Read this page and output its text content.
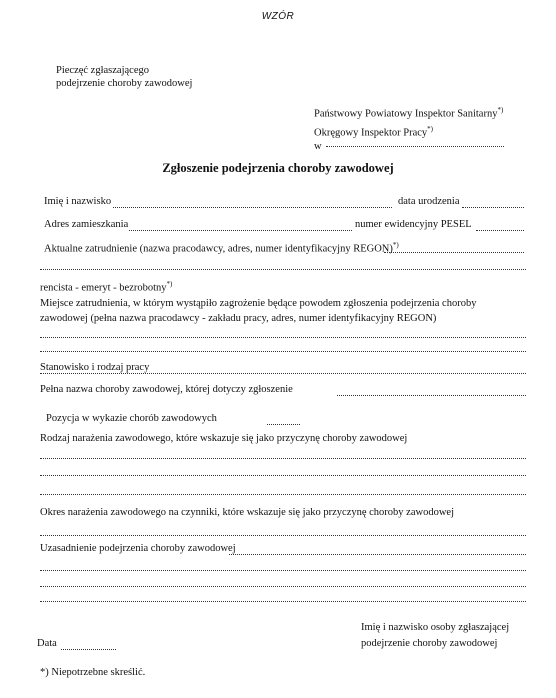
WZÓR
Pieczęć zgłaszającego
podejrzenie choroby zawodowej
Państwowy Powiatowy Inspektor Sanitarny*)
Okręgowy Inspektor Pracy*)
w
Zgłoszenie podejrzenia choroby zawodowej
Imię i nazwisko	data urodzenia
Adres zamieszkania	numer ewidencyjny PESEL
Aktualne zatrudnienie (nazwa pracodawcy, adres, numer identyfikacyjny REGON)*)
rencista - emeryt - bezrobotny*)
Miejsce zatrudnienia, w którym wystąpiło zagrożenie będące powodem zgłoszenia podejrzenia choroby
zawodowej (pełna nazwa pracodawcy - zakładu pracy, adres, numer identyfikacyjny REGON)
Stanowisko i rodzaj pracy
Pełna nazwa choroby zawodowej, której dotyczy zgłoszenie
Pozycja w wykazie chorób zawodowych
Rodzaj narażenia zawodowego, które wskazuje się jako przyczynę choroby zawodowej
Okres narażenia zawodowego na czynniki, które wskazuje się jako przyczynę choroby zawodowej
Uzasadnienie podejrzenia choroby zawodowej
Imię i nazwisko osoby zgłaszającej
podejrzenie choroby zawodowej
Data
*) Niepotrzebne skreślić.
